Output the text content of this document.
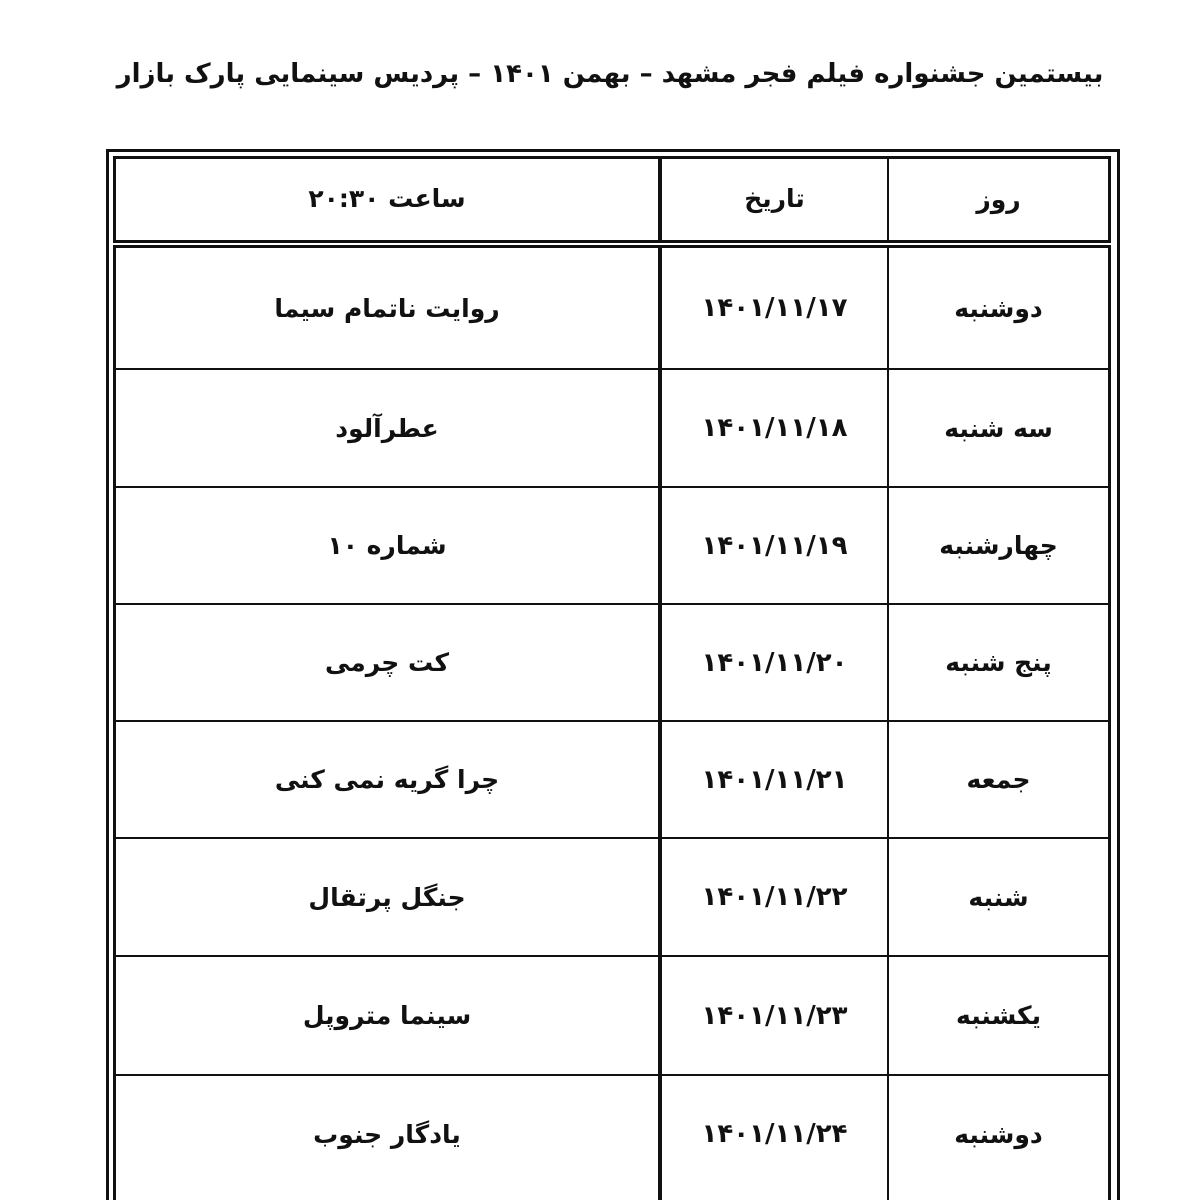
بیستمین جشنواره فیلم فجر مشهد – بهمن ۱۴۰۱ – پردیس سینمایی پارک بازار
روز
تاریخ
ساعت ۲۰:۳۰
دوشنبه
۱۴۰۱/۱۱/۱۷
روایت ناتمام سیما
سه شنبه
۱۴۰۱/۱۱/۱۸
عطرآلود
چهارشنبه
۱۴۰۱/۱۱/۱۹
شماره ۱۰
پنج شنبه
۱۴۰۱/۱۱/۲۰
کت چرمی
جمعه
۱۴۰۱/۱۱/۲۱
چرا گریه نمی کنی
شنبه
۱۴۰۱/۱۱/۲۲
جنگل پرتقال
یکشنبه
۱۴۰۱/۱۱/۲۳
سینما متروپل
دوشنبه
۱۴۰۱/۱۱/۲۴
یادگار جنوب
